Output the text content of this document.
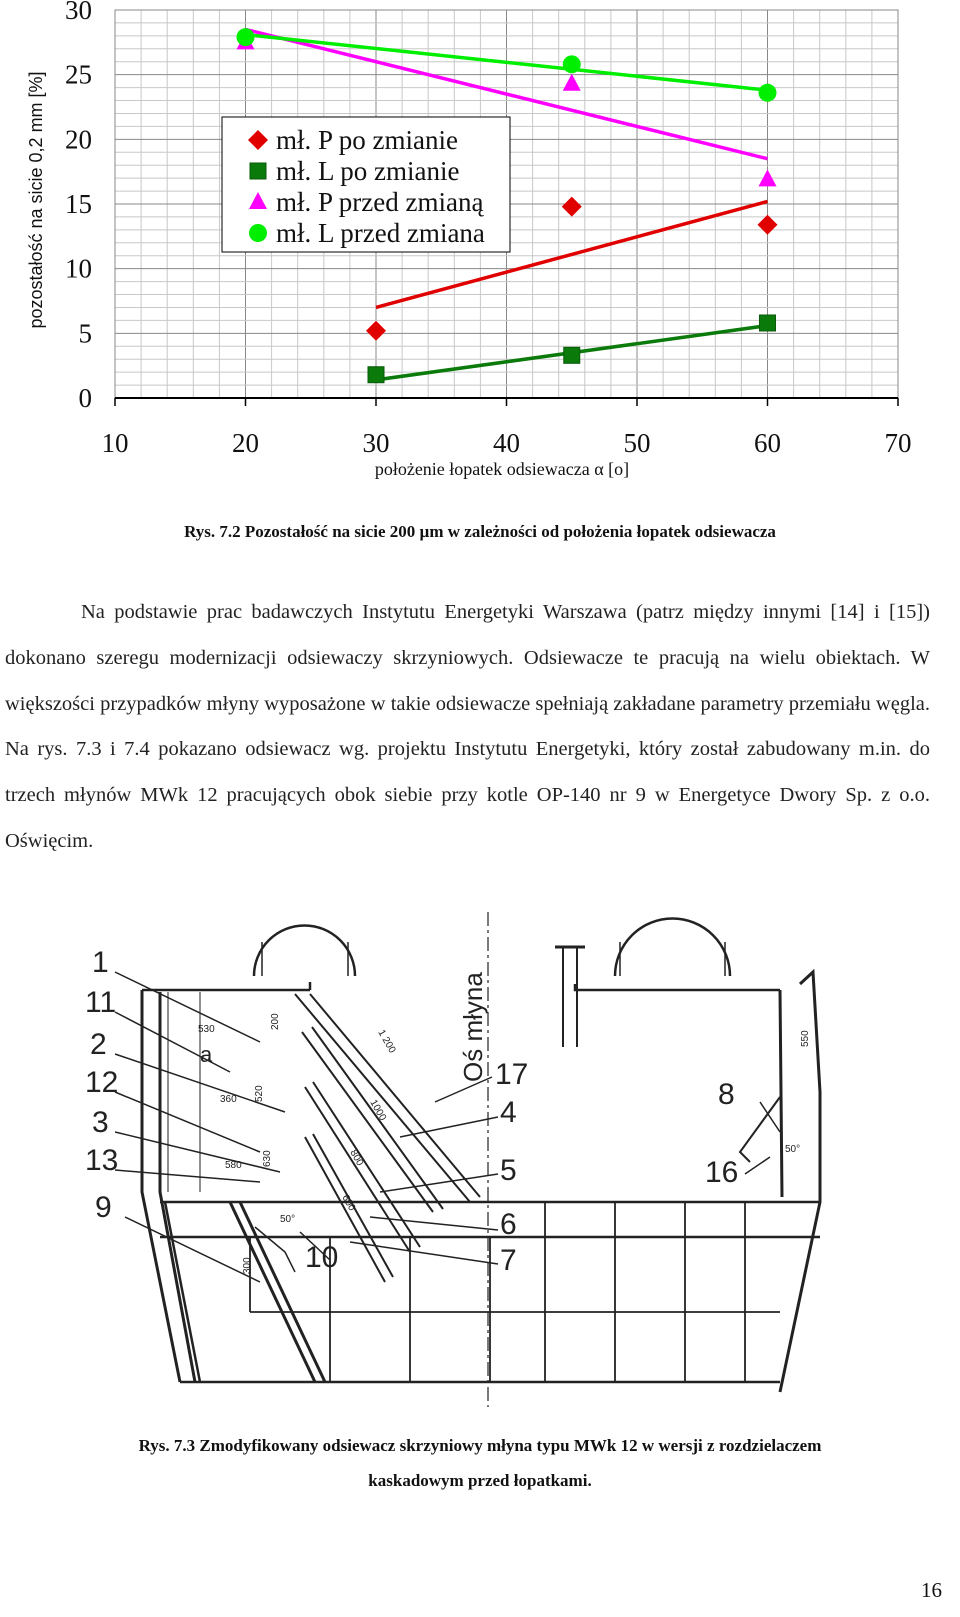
10	20	30	40	50	60	70
0
5
10
15
20
25
30
pozostałość na sicie 0,2 mm [%]
położenie łopatek odsiewacza α [o]
mł. P po zmianie
mł. L po zmianie
mł. P przed zmianą
mł. L przed zmiana
Rys. 7.2 Pozostałość na sicie 200 µm w zależności od położenia łopatek odsiewacza

Na podstawie prac badawczych Instytutu Energetyki Warszawa (patrz między innymi [14] i [15]) dokonano szeregu modernizacji odsiewaczy skrzyniowych. Odsiewacze te pracują na wielu obiektach. W większości przypadków młyny wyposażone w takie odsiewacze spełniają zakładane parametry przemiału węgla. Na rys. 7.3 i 7.4 pokazano odsiewacz wg. projektu Instytutu Energetyki, który został zabudowany m.in. do trzech młynów MWk 12 pracujących obok siebie przy kotle OP-140 nr 9 w Energetyce Dwory Sp. z o.o. Oświęcim.

1
11
2
12
3
13
9
17
4
5
6
7
10
8
16
Oś młyna
530	200
360
580
1 200
1000
800
600
520
630
50°
300
550
50°
a
Rys. 7.3 Zmodyfikowany odsiewacz skrzyniowy młyna typu MWk 12 w wersji z rozdzielaczem
kaskadowym przed łopatkami.
16
